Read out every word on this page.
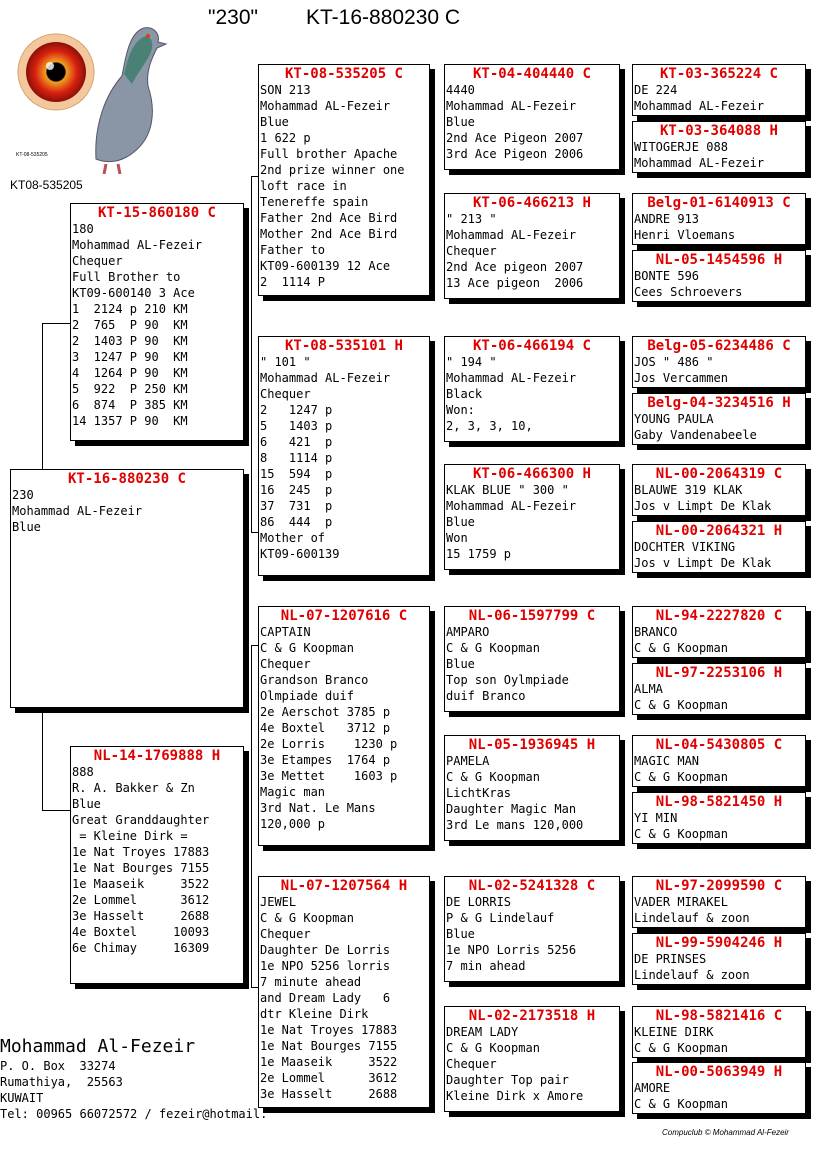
"230" KT-16-880230 C
KT-08-535205
KT08-535205
KT-16-880230 C
230
Mohammad AL-Fezeir
Blue
KT-15-860180 C
180
Mohammad AL-Fezeir
Chequer
Full Brother to
KT09-600140 3 Ace
1  2124 p 210 KM
2  765  P 90  KM
2  1403 P 90  KM
3  1247 P 90  KM
4  1264 P 90  KM
5  922  P 250 KM
6  874  P 385 KM
14 1357 P 90  KM
NL-14-1769888 H
888
R. A. Bakker & Zn
Blue
Great Granddaughter
= Kleine Dirk =
1e Nat Troyes 17883
1e Nat Bourges 7155
1e Maaseik     3522
2e Lommel      3612
3e Hasselt     2688
4e Boxtel     10093
6e Chimay     16309
KT-08-535205 C
SON 213
Mohammad AL-Fezeir
Blue
1 622 p
Full brother Apache
2nd prize winner one
loft race in
Tenereffe spain
Father 2nd Ace Bird
Mother 2nd Ace Bird
Father to
KT09-600139 12 Ace
2  1114 P
KT-08-535101 H
" 101 "
Mohammad AL-Fezeir
Chequer
2   1247 p
5   1403 p
6   421  p
8   1114 p
15  594  p
16  245  p
37  731  p
86  444  p
Mother of
KT09-600139
NL-07-1207616 C
CAPTAIN
C & G Koopman
Chequer
Grandson Branco
Olmpiade duif
2e Aerschot 3785 p
4e Boxtel   3712 p
2e Lorris    1230 p
3e Etampes  1764 p
3e Mettet    1603 p
Magic man
3rd Nat. Le Mans
120,000 p
NL-07-1207564 H
JEWEL
C & G Koopman
Chequer
Daughter De Lorris
1e NPO 5256 lorris
7 minute ahead
and Dream Lady   6
dtr Kleine Dirk
1e Nat Troyes 17883
1e Nat Bourges 7155
1e Maaseik     3522
2e Lommel      3612
3e Hasselt     2688
KT-04-404440 C
4440
Mohammad AL-Fezeir
Blue
2nd Ace Pigeon 2007
3rd Ace Pigeon 2006
KT-06-466213 H
" 213 "
Mohammad AL-Fezeir
Chequer
2nd Ace pigeon 2007
13 Ace pigeon  2006
KT-06-466194 C
" 194 "
Mohammad AL-Fezeir
Black
Won:
2, 3, 3, 10,
KT-06-466300 H
KLAK BLUE " 300 "
Mohammad AL-Fezeir
Blue
Won
15 1759 p
NL-06-1597799 C
AMPARO
C & G Koopman
Blue
Top son Oylmpiade
duif Branco
NL-05-1936945 H
PAMELA
C & G Koopman
LichtKras
Daughter Magic Man
3rd Le mans 120,000
NL-02-5241328 C
DE LORRIS
P & G Lindelauf
Blue
1e NPO Lorris 5256
7 min ahead
NL-02-2173518 H
DREAM LADY
C & G Koopman
Chequer
Daughter Top pair
Kleine Dirk x Amore
KT-03-365224 C
DE 224
Mohammad AL-Fezeir
KT-03-364088 H
WITOGERJE 088
Mohammad AL-Fezeir
Belg-01-6140913 C
ANDRE 913
Henri Vloemans
NL-05-1454596 H
BONTE 596
Cees Schroevers
Belg-05-6234486 C
JOS " 486 "
Jos Vercammen
Belg-04-3234516 H
YOUNG PAULA
Gaby Vandenabeele
NL-00-2064319 C
BLAUWE 319 KLAK
Jos v Limpt De Klak
NL-00-2064321 H
DOCHTER VIKING
Jos v Limpt De Klak
NL-94-2227820 C
BRANCO
C & G Koopman
NL-97-2253106 H
ALMA
C & G Koopman
NL-04-5430805 C
MAGIC MAN
C & G Koopman
NL-98-5821450 H
YI MIN
C & G Koopman
NL-97-2099590 C
VADER MIRAKEL
Lindelauf & zoon
NL-99-5904246 H
DE PRINSES
Lindelauf & zoon
NL-98-5821416 C
KLEINE DIRK
C & G Koopman
NL-00-5063949 H
AMORE
C & G Koopman
Mohammad Al-Fezeir
P. O. Box  33274
Rumathiya,  25563
KUWAIT
Tel: 00965 66072572 / fezeir@hotmail.
Compuclub © Mohammad Al-Fezeir
